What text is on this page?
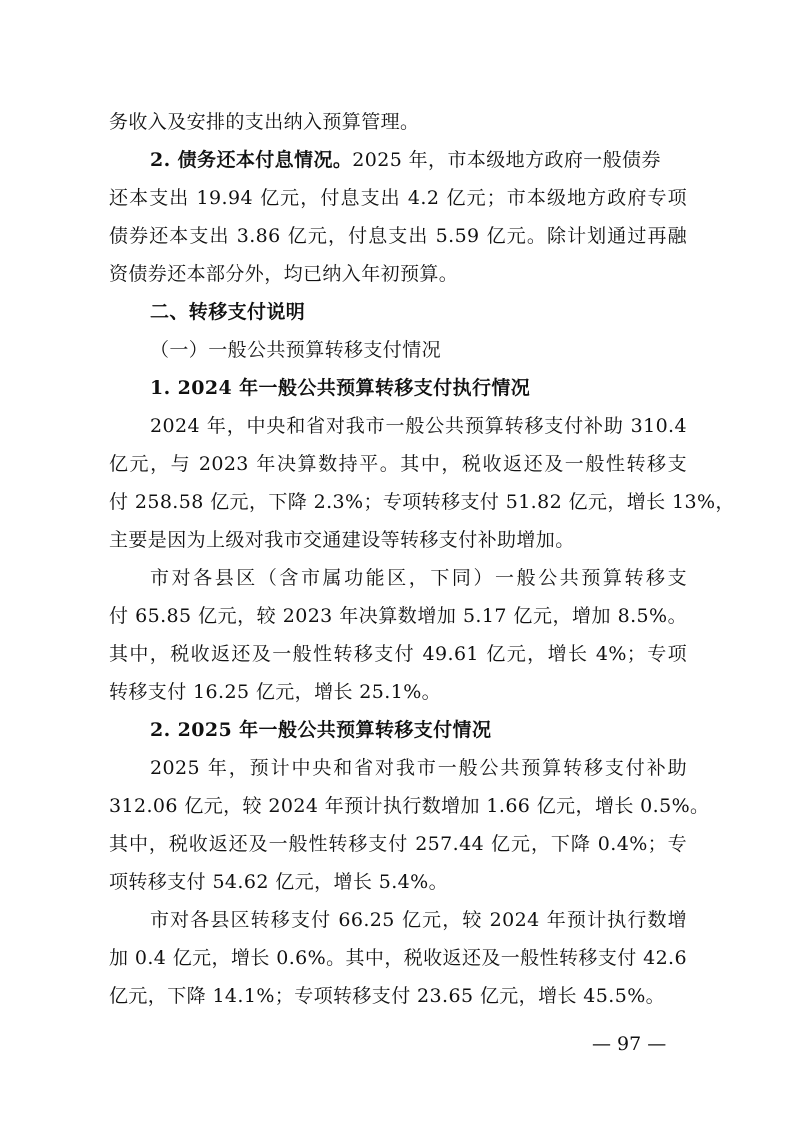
务收入及安排的支出纳入预算管理。
2. 债务还本付息情况。2025 年，市本级地方政府一般债券
还本支出 19.94 亿元，付息支出 4.2 亿元；市本级地方政府专项
债券还本支出 3.86 亿元，付息支出 5.59 亿元。除计划通过再融
资债券还本部分外，均已纳入年初预算。
二、转移支付说明
（一）一般公共预算转移支付情况
1. 2024 年一般公共预算转移支付执行情况
2024 年，中央和省对我市一般公共预算转移支付补助 310.4
亿元，与 2023 年决算数持平。其中，税收返还及一般性转移支
付 258.58 亿元，下降 2.3%；专项转移支付 51.82 亿元，增长 13%，
主要是因为上级对我市交通建设等转移支付补助增加。
市对各县区（含市属功能区，下同）一般公共预算转移支
付 65.85 亿元，较 2023 年决算数增加 5.17 亿元，增加 8.5%。
其中，税收返还及一般性转移支付 49.61 亿元，增长 4%；专项
转移支付 16.25 亿元，增长 25.1%。
2. 2025 年一般公共预算转移支付情况
2025 年，预计中央和省对我市一般公共预算转移支付补助
312.06 亿元，较 2024 年预计执行数增加 1.66 亿元，增长 0.5%。
其中，税收返还及一般性转移支付 257.44 亿元，下降 0.4%；专
项转移支付 54.62 亿元，增长 5.4%。
市对各县区转移支付 66.25 亿元，较 2024 年预计执行数增
加 0.4 亿元，增长 0.6%。其中，税收返还及一般性转移支付 42.6
亿元，下降 14.1%；专项转移支付 23.65 亿元，增长 45.5%。
— 97 —
